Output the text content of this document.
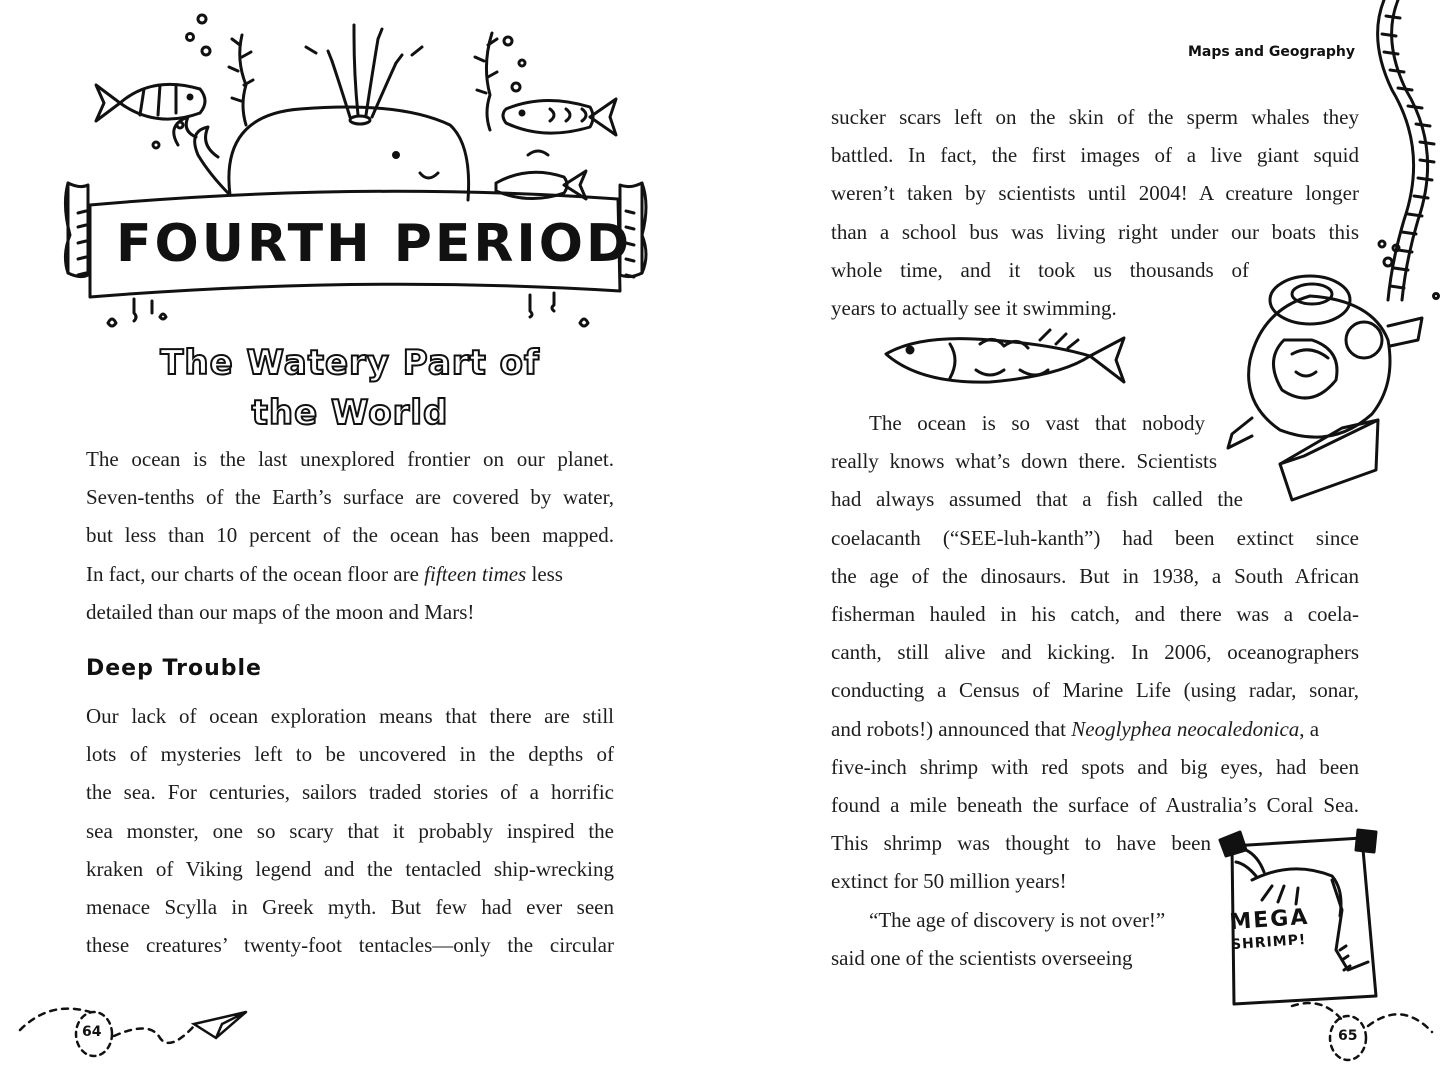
FOURTH PERIOD
The Watery Part of
the World
The ocean is the last unexplored frontier on our planet.
Seven-tenths of the Earth’s surface are covered by water,
but less than 10 percent of the ocean has been mapped.
In fact, our charts of the ocean floor are fifteen times less
detailed than our maps of the moon and Mars!
Deep Trouble
Our lack of ocean exploration means that there are still
lots of mysteries left to be uncovered in the depths of
the sea. For centuries, sailors traded stories of a horrific
sea monster, one so scary that it probably inspired the
kraken of Viking legend and the tentacled ship-wrecking
menace Scylla in Greek myth. But few had ever seen
these creatures’ twenty-foot tentacles—only the circular
64
Maps and Geography
sucker scars left on the skin of the sperm whales they
battled. In fact, the first images of a live giant squid
weren’t taken by scientists until 2004! A creature longer
than a school bus was living right under our boats this
whole time, and it took us thousands of
years to actually see it swimming.
The ocean is so vast that nobody
really knows what’s down there. Scientists
had always assumed that a fish called the
coelacanth (“SEE-luh-kanth”) had been extinct since
the age of the dinosaurs. But in 1938, a South African
fisherman hauled in his catch, and there was a coela-
canth, still alive and kicking. In 2006, oceanographers
conducting a Census of Marine Life (using radar, sonar,
and robots!) announced that Neoglyphea neocaledonica, a
five-inch shrimp with red spots and big eyes, had been
found a mile beneath the surface of Australia’s Coral Sea.
This shrimp was thought to have been
extinct for 50 million years!
“The age of discovery is not over!”
said one of the scientists overseeing
MEGA
SHRIMP!
65
